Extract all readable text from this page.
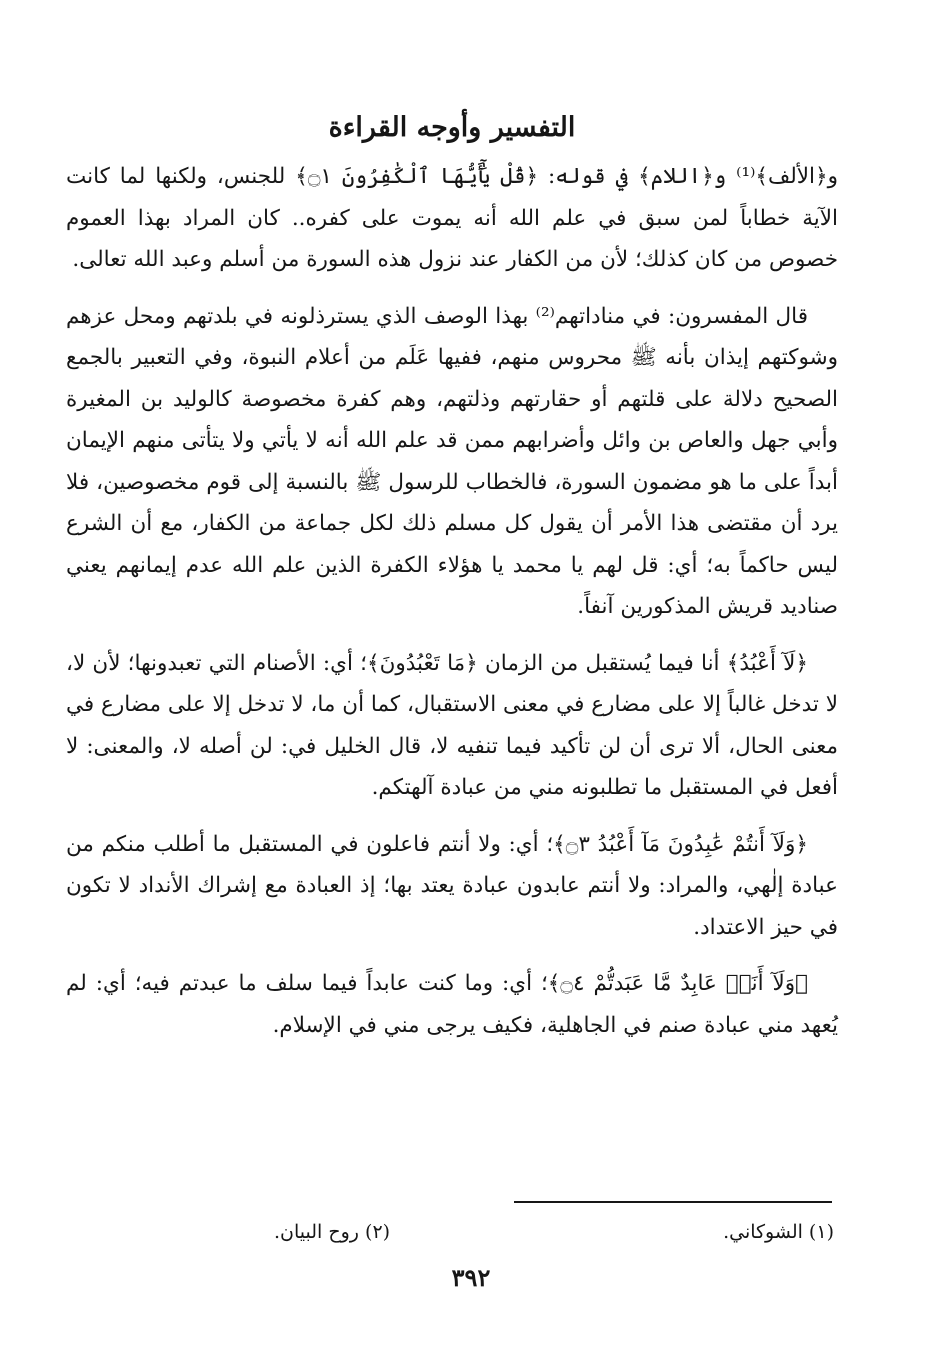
التفسير وأوجه القراءة

و﴿الألف﴾⁽¹⁾ و﴿اللام﴾ في قوله: ﴿قُلْ يَٰٓأَيُّهَا ٱلْكَٰفِرُونَ ۝١﴾ للجنس، ولكنها لما كانت الآية خطاباً لمن سبق في علم الله أنه يموت على كفره.. كان المراد بهذا العموم خصوص من كان كذلك؛ لأن من الكفار عند نزول هذه السورة من أسلم وعبد الله تعالى.

قال المفسرون: في مناداتهم⁽²⁾ بهذا الوصف الذي يسترذلونه في بلدتهم ومحل عزهم وشوكتهم إيذان بأنه ﷺ محروس منهم، ففيها عَلَم من أعلام النبوة، وفي التعبير بالجمع الصحيح دلالة على قلتهم أو حقارتهم وذلتهم، وهم كفرة مخصوصة كالوليد بن المغيرة وأبي جهل والعاص بن وائل وأضرابهم ممن قد علم الله أنه لا يأتي ولا يتأتى منهم الإيمان أبداً على ما هو مضمون السورة، فالخطاب للرسول ﷺ بالنسبة إلى قوم مخصوصين، فلا يرد أن مقتضى هذا الأمر أن يقول كل مسلم ذلك لكل جماعة من الكفار، مع أن الشرع ليس حاكماً به؛ أي: قل لهم يا محمد يا هؤلاء الكفرة الذين علم الله عدم إيمانهم يعني صناديد قريش المذكورين آنفاً.

﴿لَآ أَعْبُدُ﴾ أنا فيما يُستقبل من الزمان ﴿مَا تَعْبُدُونَ﴾؛ أي: الأصنام التي تعبدونها؛ لأن لا، لا تدخل غالباً إلا على مضارع في معنى الاستقبال، كما أن ما، لا تدخل إلا على مضارع في معنى الحال، ألا ترى أن لن تأكيد فيما تنفيه لا، قال الخليل في: لن أصله لا، والمعنى: لا أفعل في المستقبل ما تطلبونه مني من عبادة آلهتكم.

﴿وَلَآ أَنتُمْ عَٰبِدُونَ مَآ أَعْبُدُ ۝٣﴾؛ أي: ولا أنتم فاعلون في المستقبل ما أطلب منكم من عبادة إلٰهي، والمراد: ولا أنتم عابدون عبادة يعتد بها؛ إذ العبادة مع إشراك الأنداد لا تكون في حيز الاعتداد.

﴿وَلَآ أَنَا۠ عَابِدٌ مَّا عَبَدتُّمْ ۝٤﴾؛ أي: وما كنت عابداً فيما سلف ما عبدتم فيه؛ أي: لم يُعهد مني عبادة صنم في الجاهلية، فكيف يرجى مني في الإسلام.

(١) الشوكاني.
(٢) روح البيان.
٣٩٢
